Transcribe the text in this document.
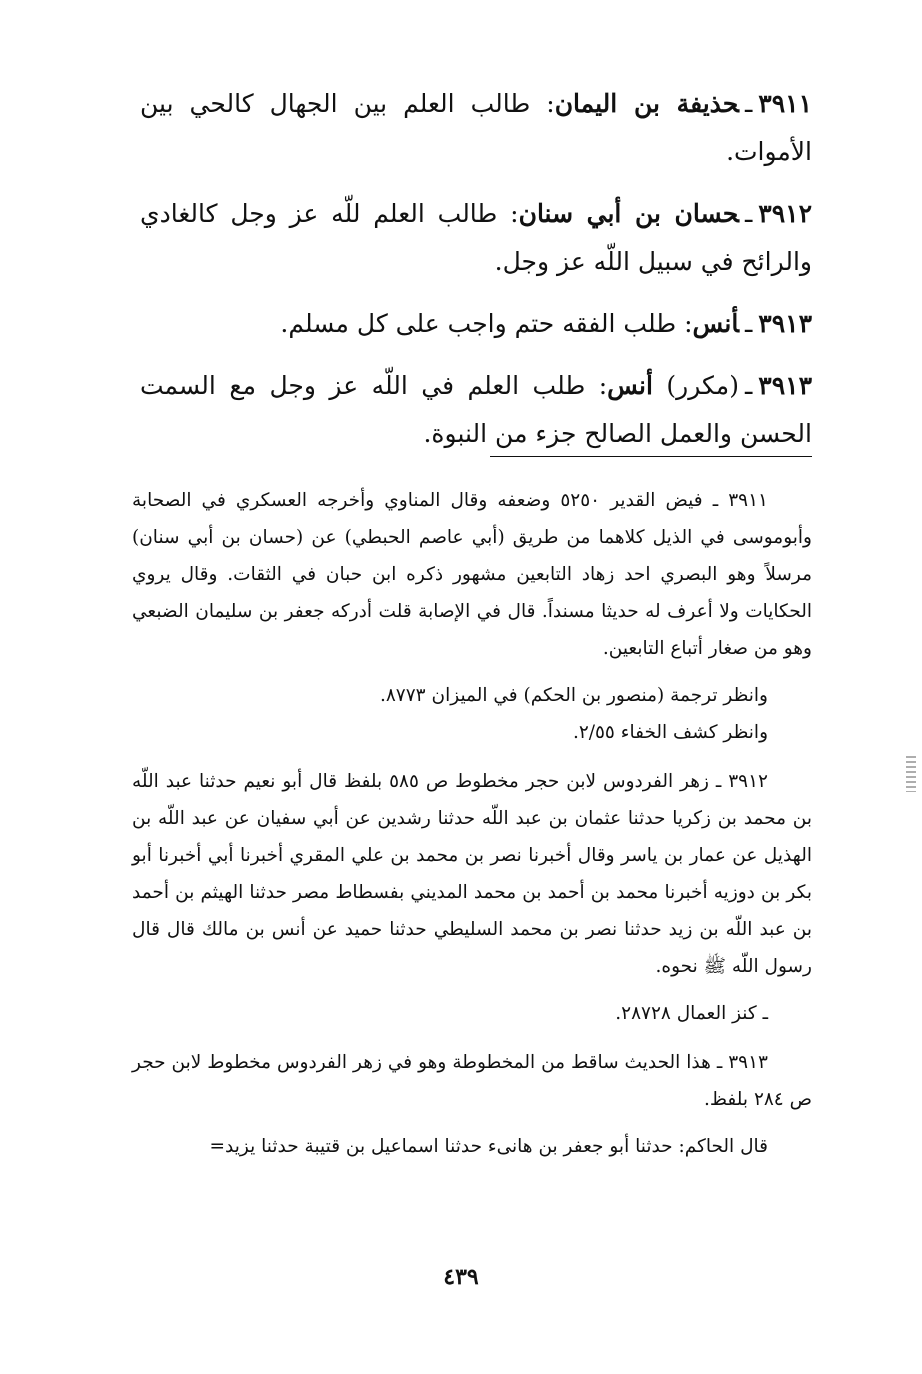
٣٩١١ـحذيفة بن اليمان: طالب العلم بين الجهال كالحي بين الأموات.

٣٩١٢ـحسان بن أبي سنان: طالب العلم للّه عز وجل كالغادي والرائح في سبيل اللّه عز وجل.

٣٩١٣ـأنس: طلب الفقه حتم واجب على كل مسلم.

٣٩١٣ـ(مكرر) أنس: طلب العلم في اللّه عز وجل مع السمت الحسن والعمل الصالح جزء من النبوة.

٣٩١١ ـ فيض القدير ٥٢٥٠ وضعفه وقال المناوي وأخرجه العسكري في الصحابة وأبوموسى في الذيل كلاهما من طريق (أبي عاصم الحبطي) عن (حسان بن أبي سنان) مرسلاً وهو البصري احد زهاد التابعين مشهور ذكره ابن حبان في الثقات. وقال يروي الحكايات ولا أعرف له حديثا مسنداً. قال في الإصابة قلت أدركه جعفر بن سليمان الضبعي وهو من صغار أتباع التابعين.

وانظر ترجمة (منصور بن الحكم) في الميزان ٨٧٧٣.

وانظر كشف الخفاء ٢/٥٥.

٣٩١٢ ـ زهر الفردوس لابن حجر مخطوط ص ٥٨٥ بلفظ قال أبو نعيم حدثنا عبد اللّه بن محمد بن زكريا حدثنا عثمان بن عبد اللّه حدثنا رشدين عن أبي سفيان عن عبد اللّه بن الهذيل عن عمار بن ياسر وقال أخبرنا نصر بن محمد بن علي المقري أخبرنا أبي أخبرنا أبو بكر بن دوزيه أخبرنا محمد بن أحمد بن محمد المديني بفسطاط مصر حدثنا الهيثم بن أحمد بن عبد اللّه بن زيد حدثنا نصر بن محمد السليطي حدثنا حميد عن أنس بن مالك قال قال رسول اللّه ﷺ نحوه.

ـ كنز العمال ٢٨٧٢٨.

٣٩١٣ ـ هذا الحديث ساقط من المخطوطة وهو في زهر الفردوس مخطوط لابن حجر ص ٢٨٤ بلفظ.

قال الحاكم: حدثنا أبو جعفر بن هانىء حدثنا اسماعيل بن قتيبة حدثنا يزيد=

٤٣٩
